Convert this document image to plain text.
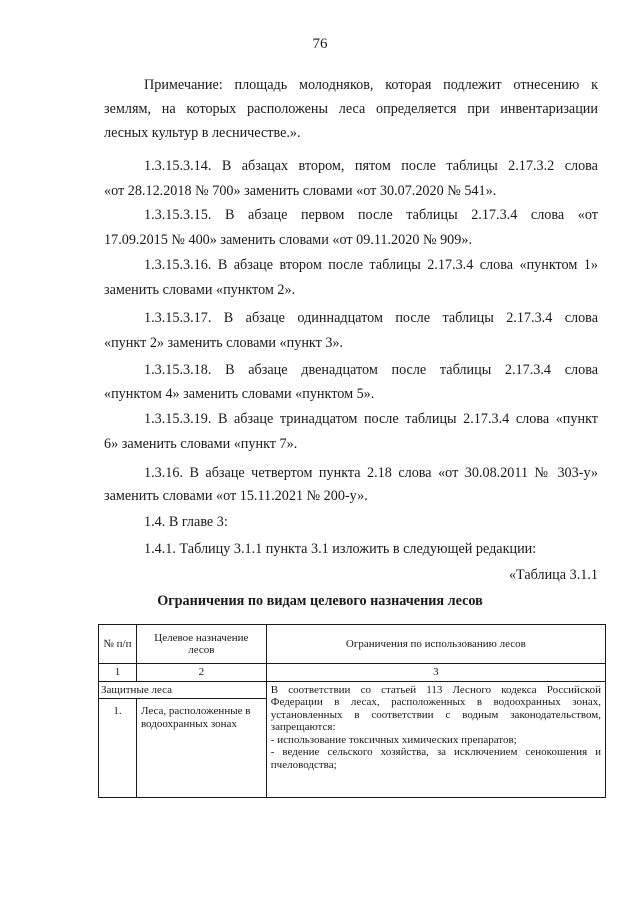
76
Примечание: площадь молодняков, которая подлежит отнесению к
землям, на которых расположены леса определяется при инвентаризации
лесных культур в лесничестве.».
1.3.15.3.14. В абзацах втором, пятом после таблицы 2.17.3.2 слова
«от 28.12.2018 № 700» заменить словами «от 30.07.2020 № 541».
1.3.15.3.15. В абзаце первом после таблицы 2.17.3.4 слова «от
17.09.2015 № 400» заменить словами «от 09.11.2020 № 909».
1.3.15.3.16. В абзаце втором после таблицы 2.17.3.4 слова «пунктом 1»
заменить словами «пунктом 2».
1.3.15.3.17. В абзаце одиннадцатом после таблицы 2.17.3.4 слова
«пункт 2» заменить словами «пункт 3».
1.3.15.3.18. В абзаце двенадцатом после таблицы 2.17.3.4 слова
«пунктом 4» заменить словами «пунктом 5».
1.3.15.3.19. В абзаце тринадцатом после таблицы 2.17.3.4 слова «пункт
6» заменить словами «пункт 7».
1.3.16. В абзаце четвертом пункта 2.18 слова «от 30.08.2011 № 303-у»
заменить словами «от 15.11.2021 № 200-у».
1.4. В главе 3:
1.4.1. Таблицу 3.1.1 пункта 3.1 изложить в следующей редакции:
«Таблица 3.1.1
Ограничения по видам целевого назначения лесов
№ п/п	Целевое назначение лесов	Ограничения по использованию лесов
1	2	3
Защитные леса		В соответствии со статьей 113 Лесного кодекса Российской Федерации в лесах, расположенных в водоохранных зонах, установленных в соответствии с водным законодательством, запрещаются:
- использование токсичных химических препаратов;
- ведение сельского хозяйства, за исключением сенокошения и пчеловодства;

1.	Леса, расположенные в водоохранных зонах	
